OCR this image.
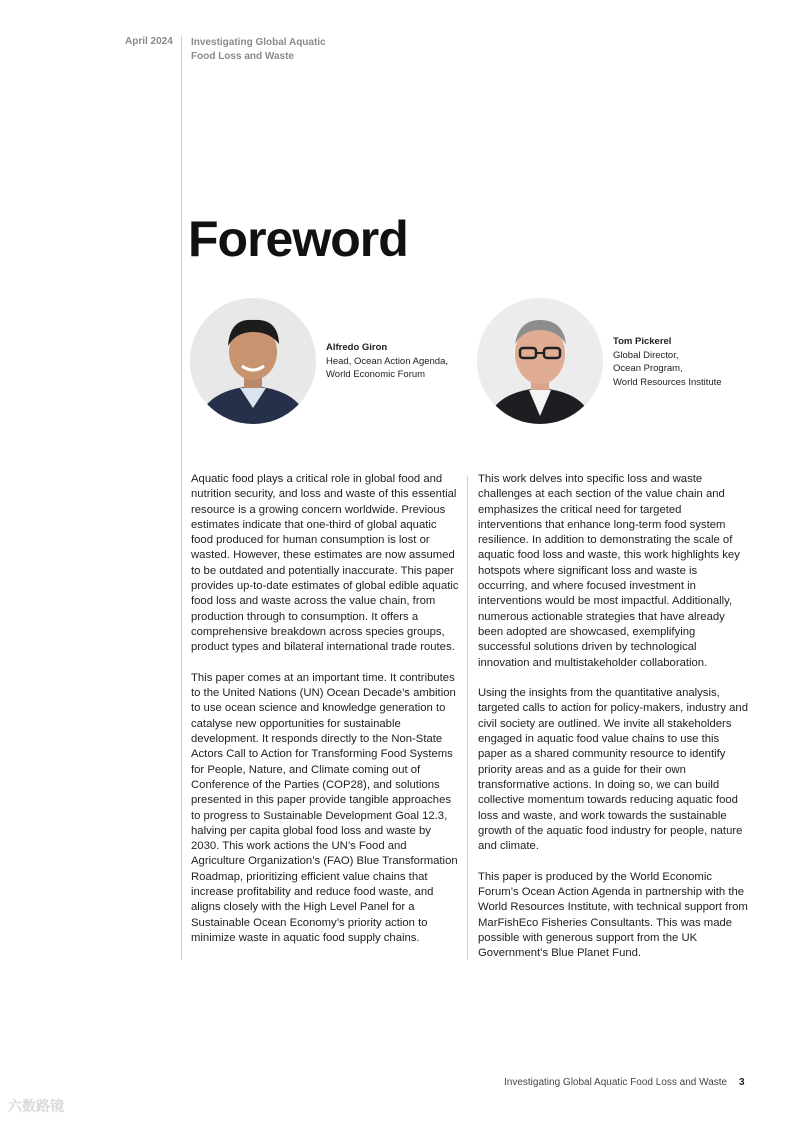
April 2024 Investigating Global Aquatic Food Loss and Waste
Foreword
Alfredo Giron
Head, Ocean Action Agenda,
World Economic Forum
Tom Pickerel
Global Director,
Ocean Program,
World Resources Institute

Aquatic food plays a critical role in global food and nutrition security, and loss and waste of this essential resource is a growing concern worldwide. Previous estimates indicate that one-third of global aquatic food produced for human consumption is lost or wasted. However, these estimates are now assumed to be outdated and potentially inaccurate. This paper provides up-to-date estimates of global edible aquatic food loss and waste across the value chain, from production through to consumption. It offers a comprehensive breakdown across species groups, product types and bilateral international trade routes.

This paper comes at an important time. It contributes to the United Nations (UN) Ocean Decade’s ambition to use ocean science and knowledge generation to catalyse new opportunities for sustainable development. It responds directly to the Non-State Actors Call to Action for Transforming Food Systems for People, Nature, and Climate coming out of Conference of the Parties (COP28), and solutions presented in this paper provide tangible approaches to progress to Sustainable Development Goal 12.3, halving per capita global food loss and waste by 2030. This work actions the UN’s Food and Agriculture Organization’s (FAO) Blue Transformation Roadmap, prioritizing efficient value chains that increase profitability and reduce food waste, and aligns closely with the High Level Panel for a Sustainable Ocean Economy’s priority action to minimize waste in aquatic food supply chains.

This work delves into specific loss and waste challenges at each section of the value chain and emphasizes the critical need for targeted interventions that enhance long-term food system resilience. In addition to demonstrating the scale of aquatic food loss and waste, this work highlights key hotspots where significant loss and waste is occurring, and where focused investment in interventions would be most impactful. Additionally, numerous actionable strategies that have already been adopted are showcased, exemplifying successful solutions driven by technological innovation and multistakeholder collaboration.

Using the insights from the quantitative analysis, targeted calls to action for policy-makers, industry and civil society are outlined. We invite all stakeholders engaged in aquatic food value chains to use this paper as a shared community resource to identify priority areas and as a guide for their own transformative actions. In doing so, we can build collective momentum towards reducing aquatic food loss and waste, and work towards the sustainable growth of the aquatic food industry for people, nature and climate.

This paper is produced by the World Economic Forum’s Ocean Action Agenda in partnership with the World Resources Institute, with technical support from MarFishEco Fisheries Consultants. This was made possible with generous support from the UK Government’s Blue Planet Fund.

Investigating Global Aquatic Food Loss and Waste 3
六数路镜
